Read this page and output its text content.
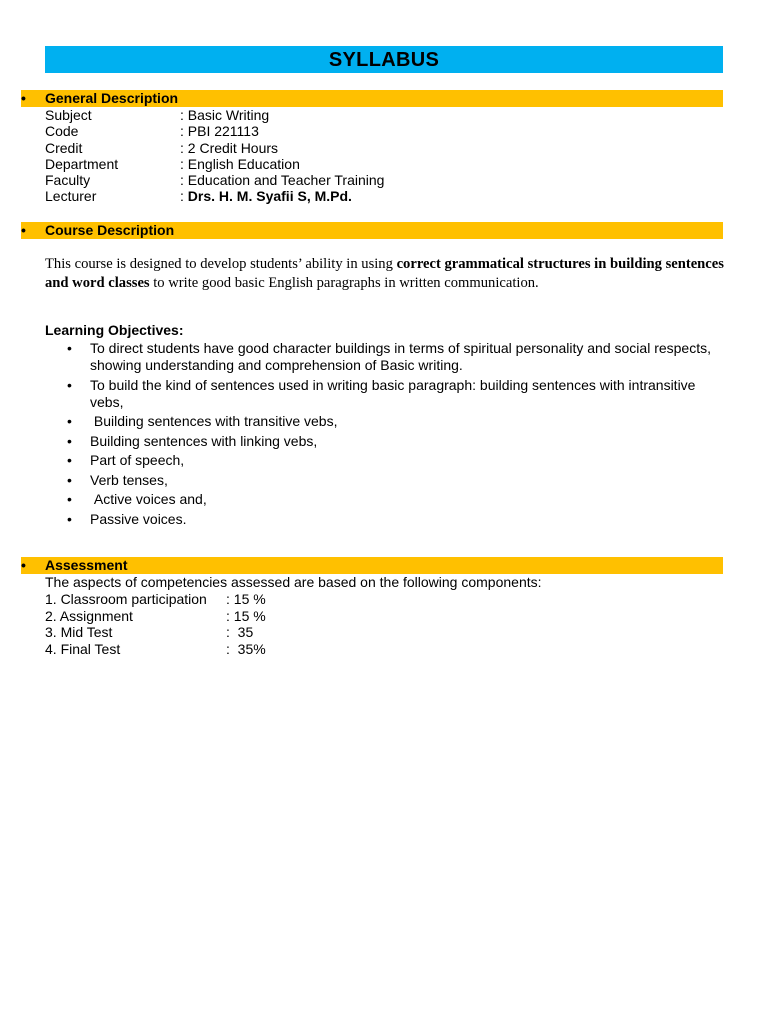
SYLLABUS
• General Description
Subject	: Basic Writing
Code	: PBI 221113
Credit	: 2 Credit Hours
Department	: English Education
Faculty	: Education and Teacher Training
Lecturer	: Drs. H. M. Syafii S, M.Pd.
• Course Description
This course is designed to develop students’ ability in using correct grammatical structures in building sentences and word classes to write good basic English paragraphs in written communication.
Learning Objectives:
• To direct students have good character buildings in terms of spiritual personality and social respects, showing understanding and comprehension of Basic writing.
• To build the kind of sentences used in writing basic paragraph: building sentences with intransitive vebs,
• Building sentences with transitive vebs,
• Building sentences with linking vebs,
• Part of speech,
• Verb tenses,
• Active voices and,
• Passive voices.
• Assessment
The aspects of competencies assessed are based on the following components:
1. Classroom participation : 15 %
2. Assignment	: 15 %
3. Mid Test	:  35
4. Final Test	:  35%
